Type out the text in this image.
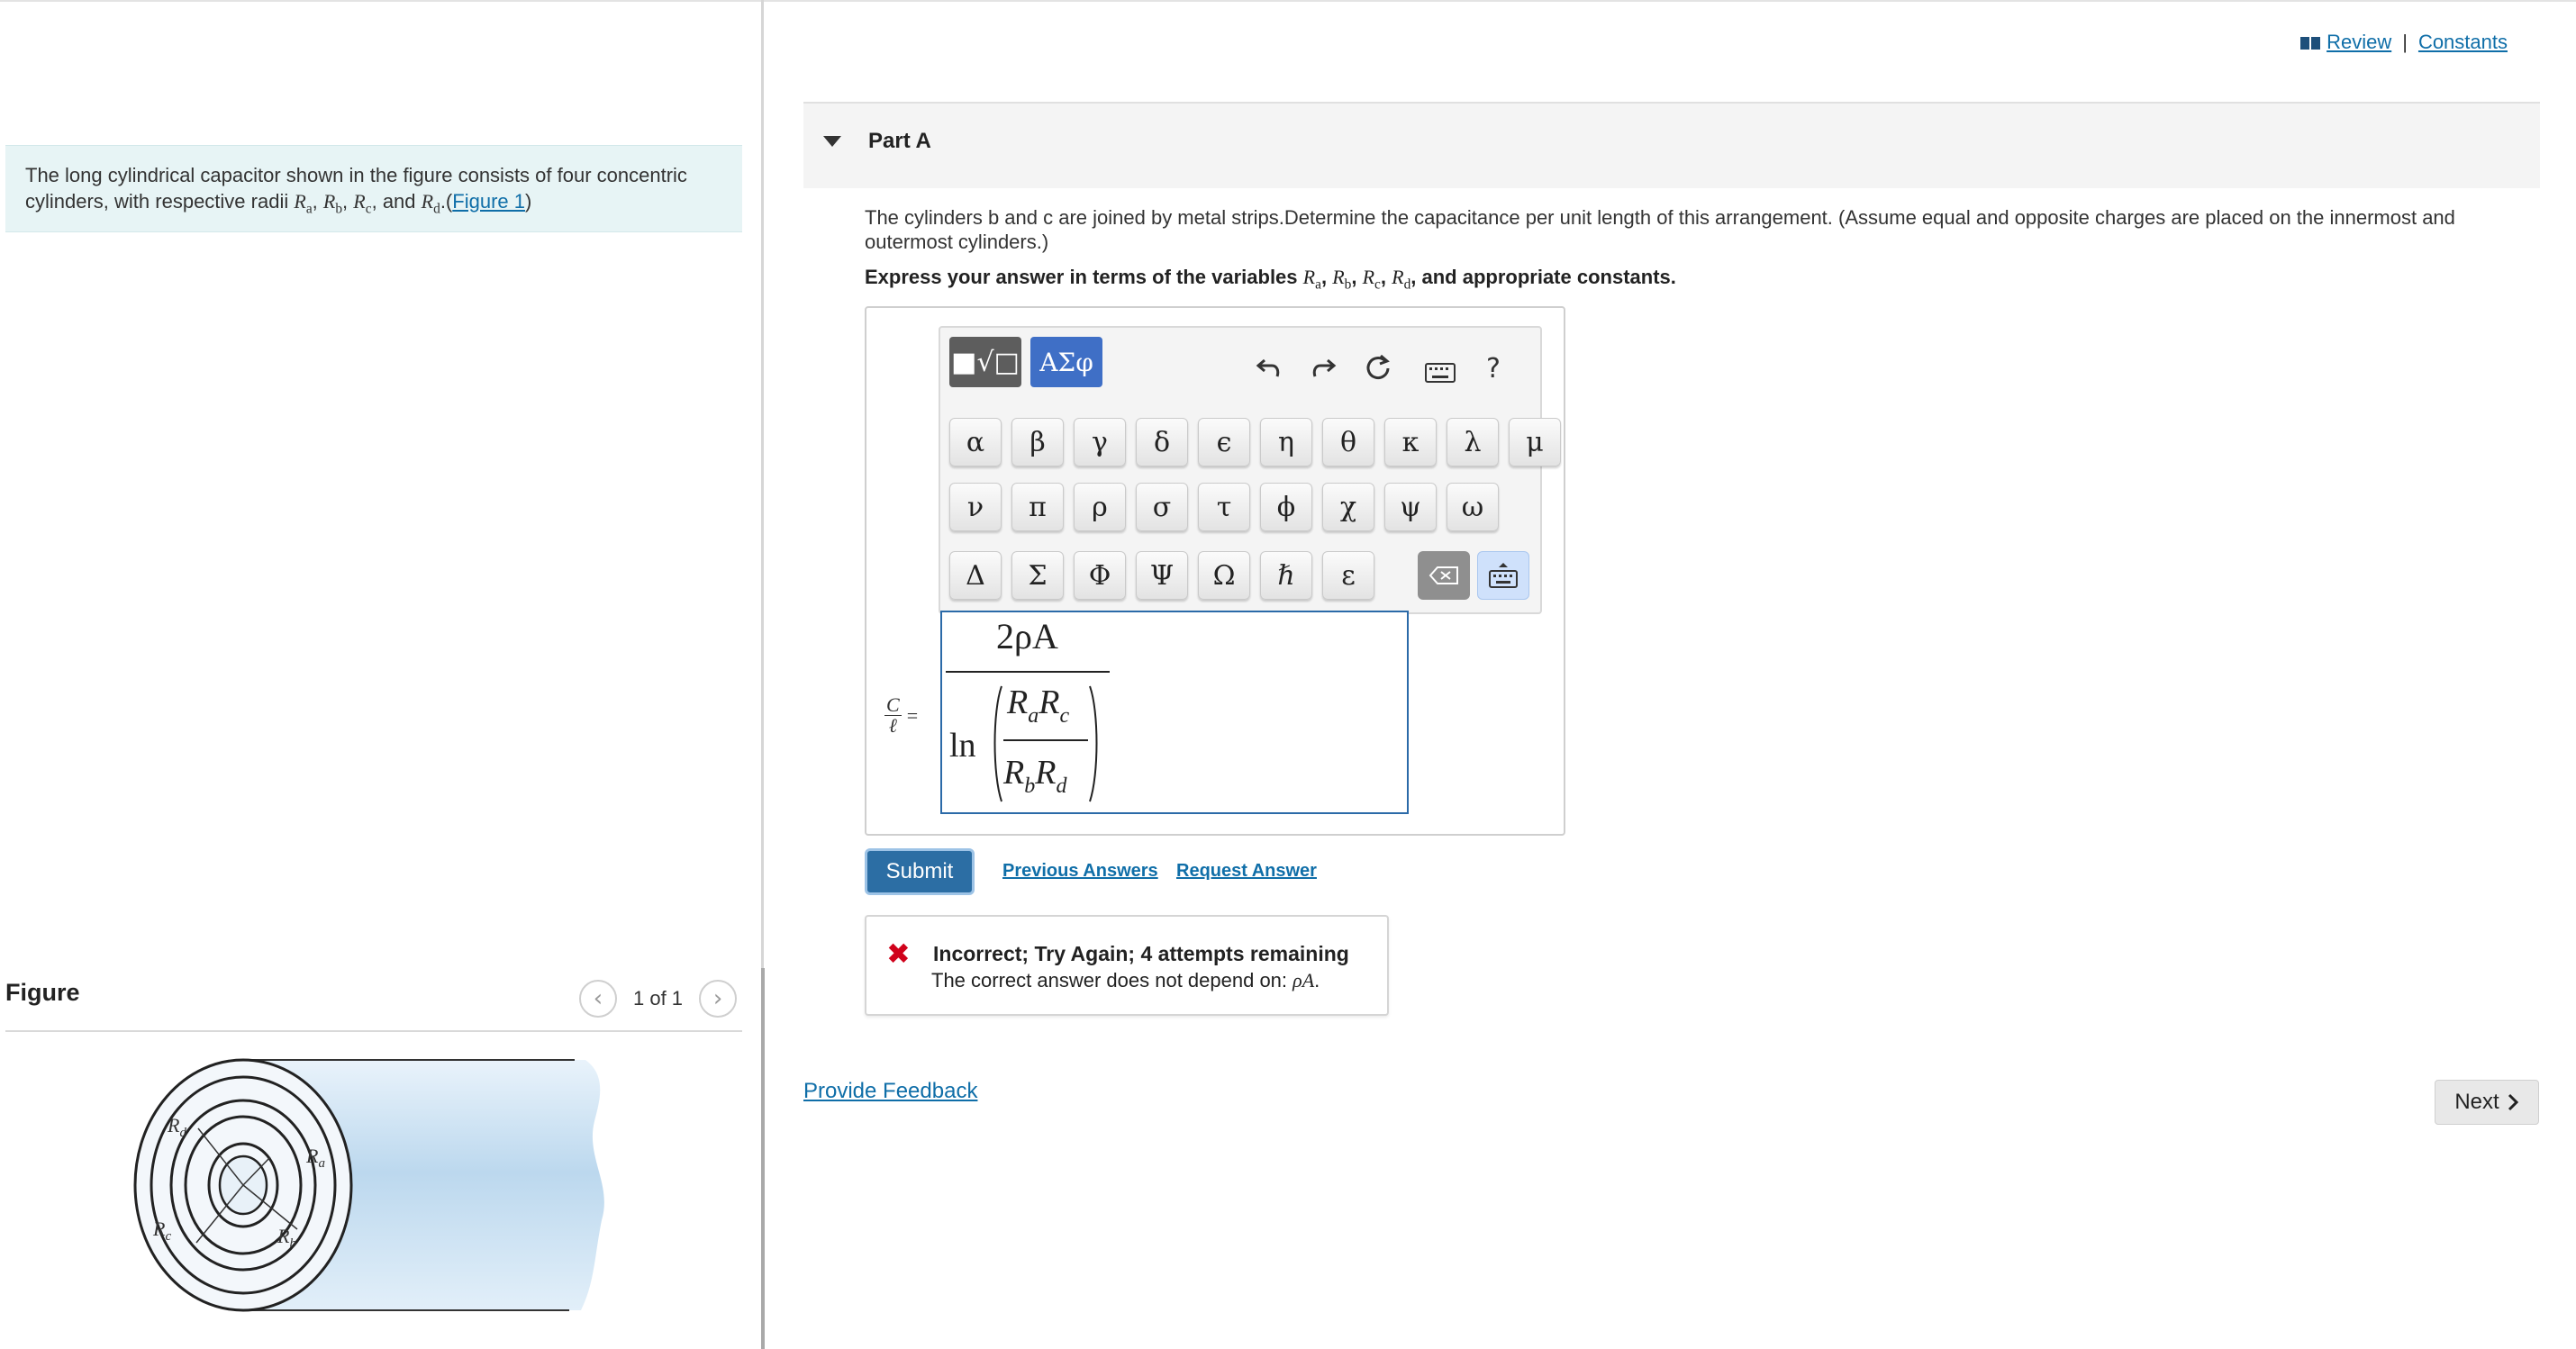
The long cylindrical capacitor shown in the figure consists of four concentric cylinders, with respective radii $R_a$, $R_b$, $R_c$, and $R_d.(Figure$ 1)
Figure	‹ 1 of 1 ›
$R_d$
$R_a$
$R_c$	$R_b$
Review | Constants
Part A
The cylinders b and c are joined by metal strips.Determine the capacitance per unit length of this arrangement. (Assume equal and opposite charges are placed on the innermost and outermost cylinders.)
Express your answer in terms of the variables $R_a$, $R_b$, $R_c$, $R_d$, and appropriate constants.
■√□ ΑΣφ	?
α	β	γ	δ	ϵ	η	θ	κ	λ	μ
ν	π	ρ	σ	τ	ϕ	χ	ψ	ω
Δ	Σ	Φ	Ψ	Ω	ℏ	ε
$\frac{C}{\text{ℓ}}$ =
2ρA
ln
$R_aR_c$
$R_bR_d$
Submit	Previous Answers Request Answer
✖ Incorrect; Try Again; 4 attempts remaining
The correct answer does not depend on: ρA.
Provide Feedback	Next
